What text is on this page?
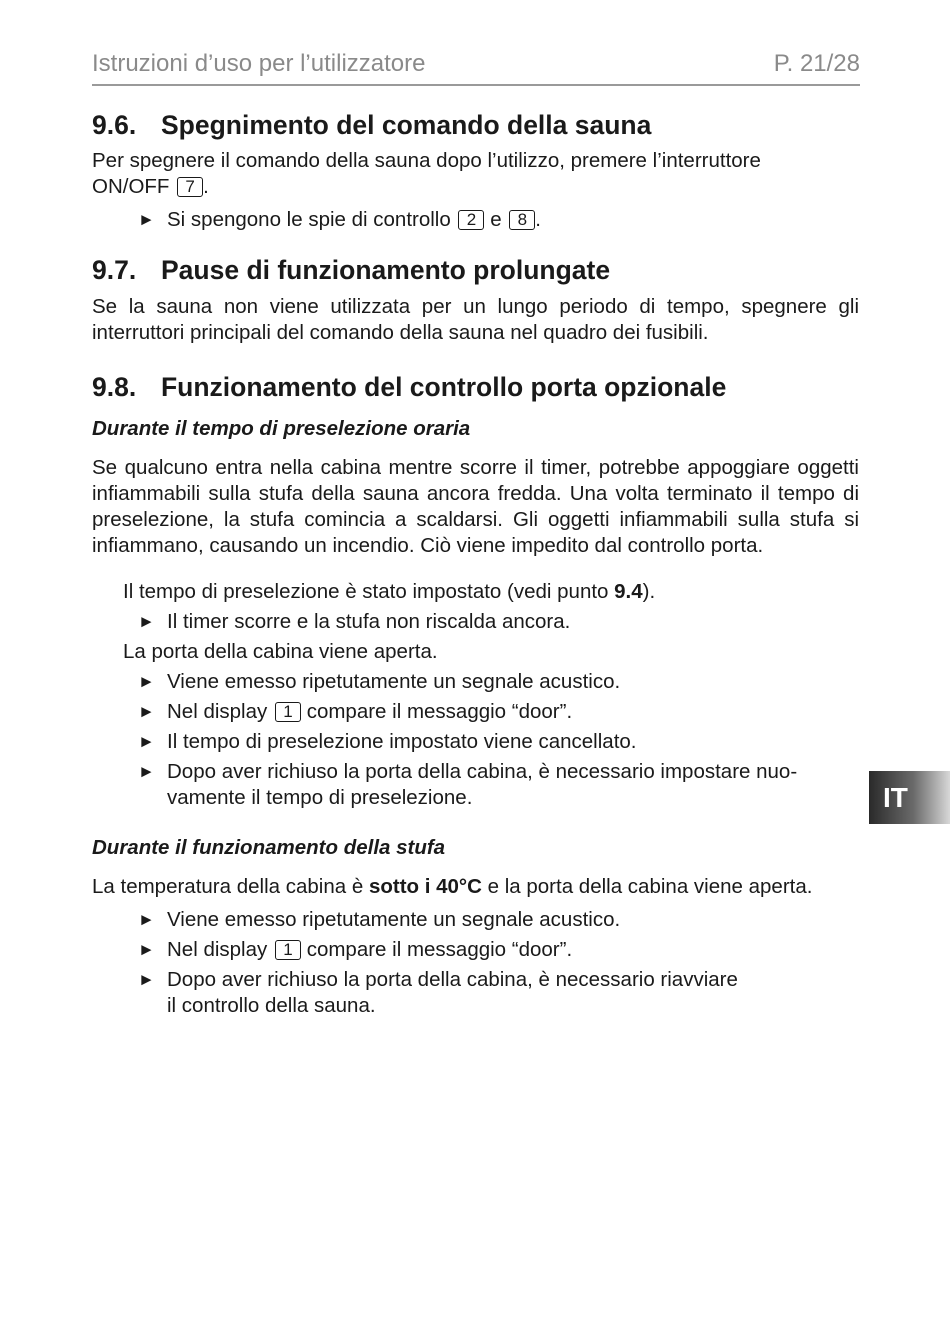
Istruzioni d’uso per l’utilizzatore	P. 21/28
9.6. Spegnimento del comando della sauna

Per spegnere il comando della sauna dopo l’utilizzo, premere l’interruttore
ON/OFF 7 .

► Si spengono le spie di controllo 2 e 8 .

9.7. Pause di funzionamento prolungate

Se la sauna non viene utilizzata per un lungo periodo di tempo, spegnere gli interruttori principali del comando della sauna nel quadro dei fusibili.

9.8. Funzionamento del controllo porta opzionale

Durante il tempo di preselezione oraria

Se qualcuno entra nella cabina mentre scorre il timer, potrebbe appoggiare oggetti infiammabili sulla stufa della sauna ancora fredda. Una volta terminato il tempo di preselezione, la stufa comincia a scaldarsi. Gli oggetti infiammabili sulla stufa si infiammano, causando un incendio. Ciò viene impedito dal controllo porta.

Il tempo di preselezione è stato impostato (vedi punto 9.4).

► Il timer scorre e la stufa non riscalda ancora.

La porta della cabina viene aperta.

► Viene emesso ripetutamente un segnale acustico.

► Nel display 1 compare il messaggio “door”.

► Il tempo di preselezione impostato viene cancellato.

► Dopo aver richiuso la porta della cabina, è necessario impostare nuo-
vamente il tempo di preselezione.

Durante il funzionamento della stufa

La temperatura della cabina è sotto i 40°C e la porta della cabina viene aperta.

► Viene emesso ripetutamente un segnale acustico.

► Nel display 1 compare il messaggio “door”.

► Dopo aver richiuso la porta della cabina, è necessario riavviare
il controllo della sauna.

IT
